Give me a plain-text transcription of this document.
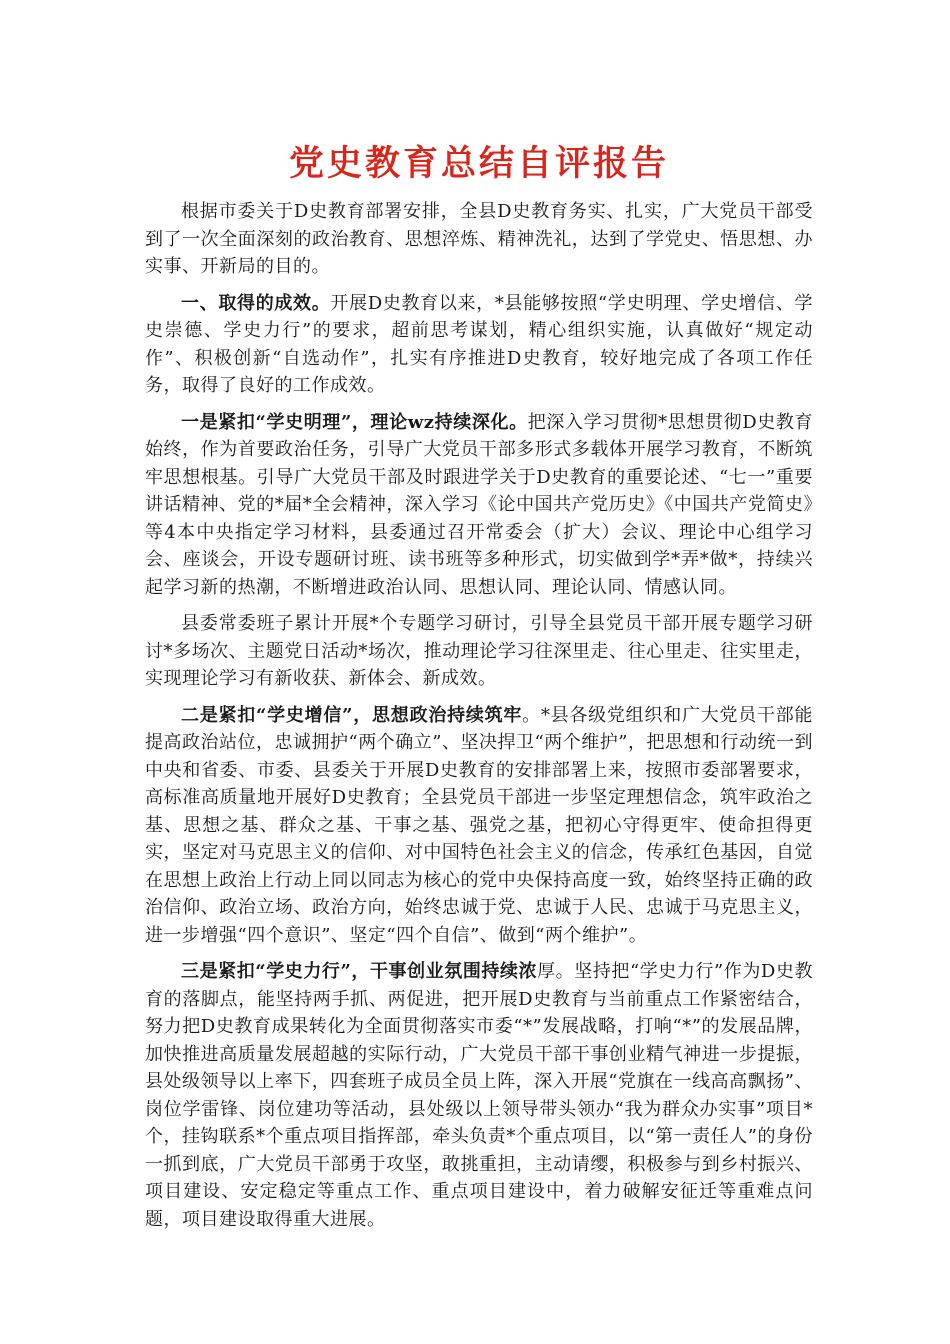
党史教育总结自评报告

根据市委关于D史教育部署安排，全县D史教育务实、扎实，广大党员干部受到了一次全面深刻的政治教育、思想淬炼、精神洗礼，达到了学党史、悟思想、办实事、开新局的目的。

一、取得的成效。开展D史教育以来，*县能够按照“学史明理、学史增信、学史崇德、学史力行”的要求，超前思考谋划，精心组织实施，认真做好“规定动作”、积极创新“自选动作”，扎实有序推进D史教育，较好地完成了各项工作任务，取得了良好的工作成效。

一是紧扣“学史明理”，理论wz持续深化。把深入学习贯彻*思想贯彻D史教育始终，作为首要政治任务，引导广大党员干部多形式多载体开展学习教育，不断筑牢思想根基。引导广大党员干部及时跟进学关于D史教育的重要论述、“七一”重要讲话精神、党的*届*全会精神，深入学习《论中国共产党历史》《中国共产党简史》等4本中央指定学习材料，县委通过召开常委会（扩大）会议、理论中心组学习会、座谈会，开设专题研讨班、读书班等多种形式，切实做到学*弄*做*，持续兴起学习新的热潮，不断增进政治认同、思想认同、理论认同、情感认同。

县委常委班子累计开展*个专题学习研讨，引导全县党员干部开展专题学习研讨*多场次、主题党日活动*场次，推动理论学习往深里走、往心里走、往实里走，实现理论学习有新收获、新体会、新成效。

二是紧扣“学史增信”，思想政治持续筑牢。*县各级党组织和广大党员干部能提高政治站位，忠诚拥护“两个确立”、坚决捍卫“两个维护”，把思想和行动统一到中央和省委、市委、县委关于开展D史教育的安排部署上来，按照市委部署要求，高标准高质量地开展好D史教育；全县党员干部进一步坚定理想信念，筑牢政治之基、思想之基、群众之基、干事之基、强党之基，把初心守得更牢、使命担得更实，坚定对马克思主义的信仰、对中国特色社会主义的信念，传承红色基因，自觉在思想上政治上行动上同以同志为核心的党中央保持高度一致，始终坚持正确的政治信仰、政治立场、政治方向，始终忠诚于党、忠诚于人民、忠诚于马克思主义，进一步增强“四个意识”、坚定“四个自信”、做到“两个维护”。

三是紧扣“学史力行”，干事创业氛围持续浓厚。坚持把“学史力行”作为D史教育的落脚点，能坚持两手抓、两促进，把开展D史教育与当前重点工作紧密结合，努力把D史教育成果转化为全面贯彻落实市委“*”发展战略，打响“*”的发展品牌，加快推进高质量发展超越的实际行动，广大党员干部干事创业精气神进一步提振，县处级领导以上率下，四套班子成员全员上阵，深入开展“党旗在一线高高飘扬”、岗位学雷锋、岗位建功等活动，县处级以上领导带头领办“我为群众办实事”项目*个，挂钩联系*个重点项目指挥部，牵头负责*个重点项目，以“第一责任人”的身份一抓到底，广大党员干部勇于攻坚，敢挑重担，主动请缨，积极参与到乡村振兴、项目建设、安定稳定等重点工作、重点项目建设中，着力破解安征迁等重难点问题，项目建设取得重大进展。
